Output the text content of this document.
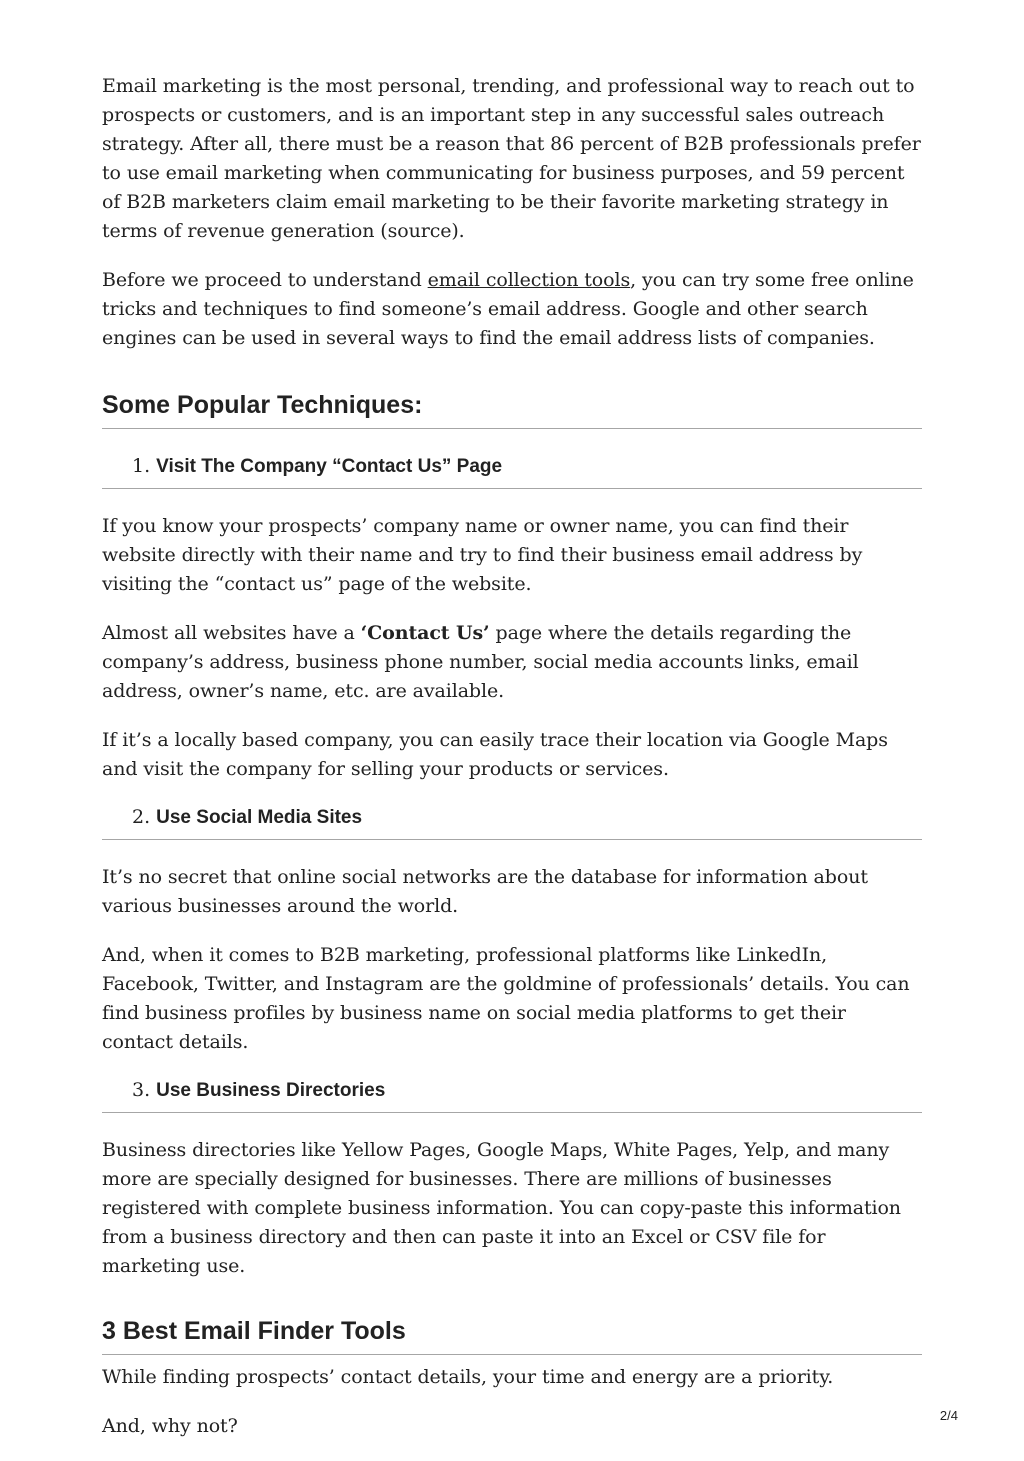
Email marketing is the most personal, trending, and professional way to reach out to prospects or customers, and is an important step in any successful sales outreach strategy. After all, there must be a reason that 86 percent of B2B professionals prefer to use email marketing when communicating for business purposes, and 59 percent of B2B marketers claim email marketing to be their favorite marketing strategy in terms of revenue generation (source).

Before we proceed to understand email collection tools, you can try some free online tricks and techniques to find someone’s email address. Google and other search engines can be used in several ways to find the email address lists of companies.

Some Popular Techniques:
1. Visit The Company “Contact Us” Page

If you know your prospects’ company name or owner name, you can find their website directly with their name and try to find their business email address by visiting the “contact us” page of the website.

Almost all websites have a ‘Contact Us’ page where the details regarding the company’s address, business phone number, social media accounts links, email address, owner’s name, etc. are available.

If it’s a locally based company, you can easily trace their location via Google Maps and visit the company for selling your products or services.

2. Use Social Media Sites

It’s no secret that online social networks are the database for information about various businesses around the world.

And, when it comes to B2B marketing, professional platforms like LinkedIn, Facebook, Twitter, and Instagram are the goldmine of professionals’ details. You can find business profiles by business name on social media platforms to get their contact details.

3. Use Business Directories

Business directories like Yellow Pages, Google Maps, White Pages, Yelp, and many more are specially designed for businesses. There are millions of businesses registered with complete business information. You can copy-paste this information from a business directory and then can paste it into an Excel or CSV file for marketing use.

3 Best Email Finder Tools

While finding prospects’ contact details, your time and energy are a priority.

And, why not?	2/4
